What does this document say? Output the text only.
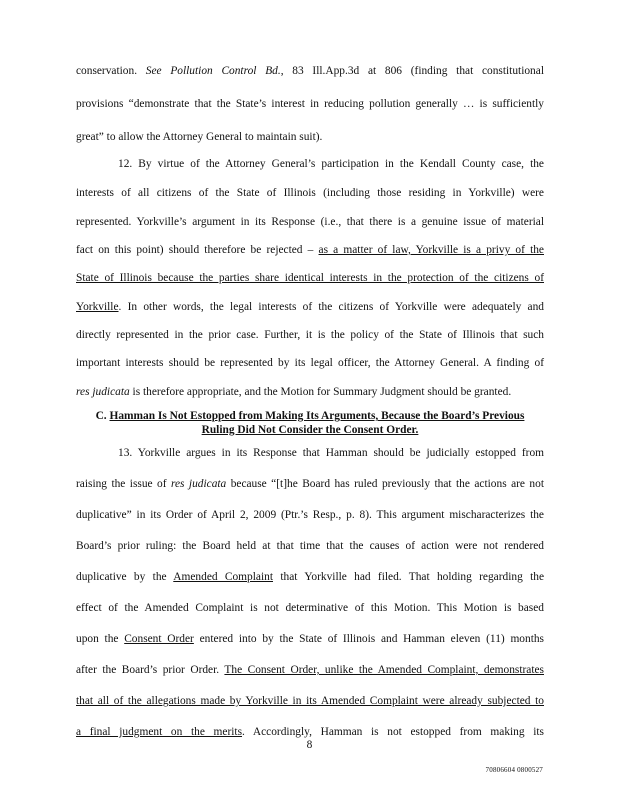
conservation. See Pollution Control Bd., 83 Ill.App.3d at 806 (finding that constitutional
provisions “demonstrate that the State’s interest in reducing pollution generally … is sufficiently
great” to allow the Attorney General to maintain suit).
12. By virtue of the Attorney General’s participation in the Kendall County case, the
interests of all citizens of the State of Illinois (including those residing in Yorkville) were
represented. Yorkville’s argument in its Response (i.e., that there is a genuine issue of material
fact on this point) should therefore be rejected – as a matter of law, Yorkville is a privy of the
State of Illinois because the parties share identical interests in the protection of the citizens of
Yorkville. In other words, the legal interests of the citizens of Yorkville were adequately and
directly represented in the prior case. Further, it is the policy of the State of Illinois that such
important interests should be represented by its legal officer, the Attorney General. A finding of
res judicata is therefore appropriate, and the Motion for Summary Judgment should be granted.
13. Yorkville argues in its Response that Hamman should be judicially estopped from
raising the issue of res judicata because “[t]he Board has ruled previously that the actions are not
duplicative” in its Order of April 2, 2009 (Ptr.’s Resp., p. 8). This argument mischaracterizes the
Board’s prior ruling: the Board held at that time that the causes of action were not rendered
duplicative by the Amended Complaint that Yorkville had filed. That holding regarding the
effect of the Amended Complaint is not determinative of this Motion. This Motion is based
upon the Consent Order entered into by the State of Illinois and Hamman eleven (11) months
after the Board’s prior Order. The Consent Order, unlike the Amended Complaint, demonstrates
that all of the allegations made by Yorkville in its Amended Complaint were already subjected to
a final judgment on the merits. Accordingly, Hamman is not estopped from making its
C. Hamman Is Not Estopped from Making Its Arguments, Because the Board’s Previous
Ruling Did Not Consider the Consent Order.
8
70806604 0800527
